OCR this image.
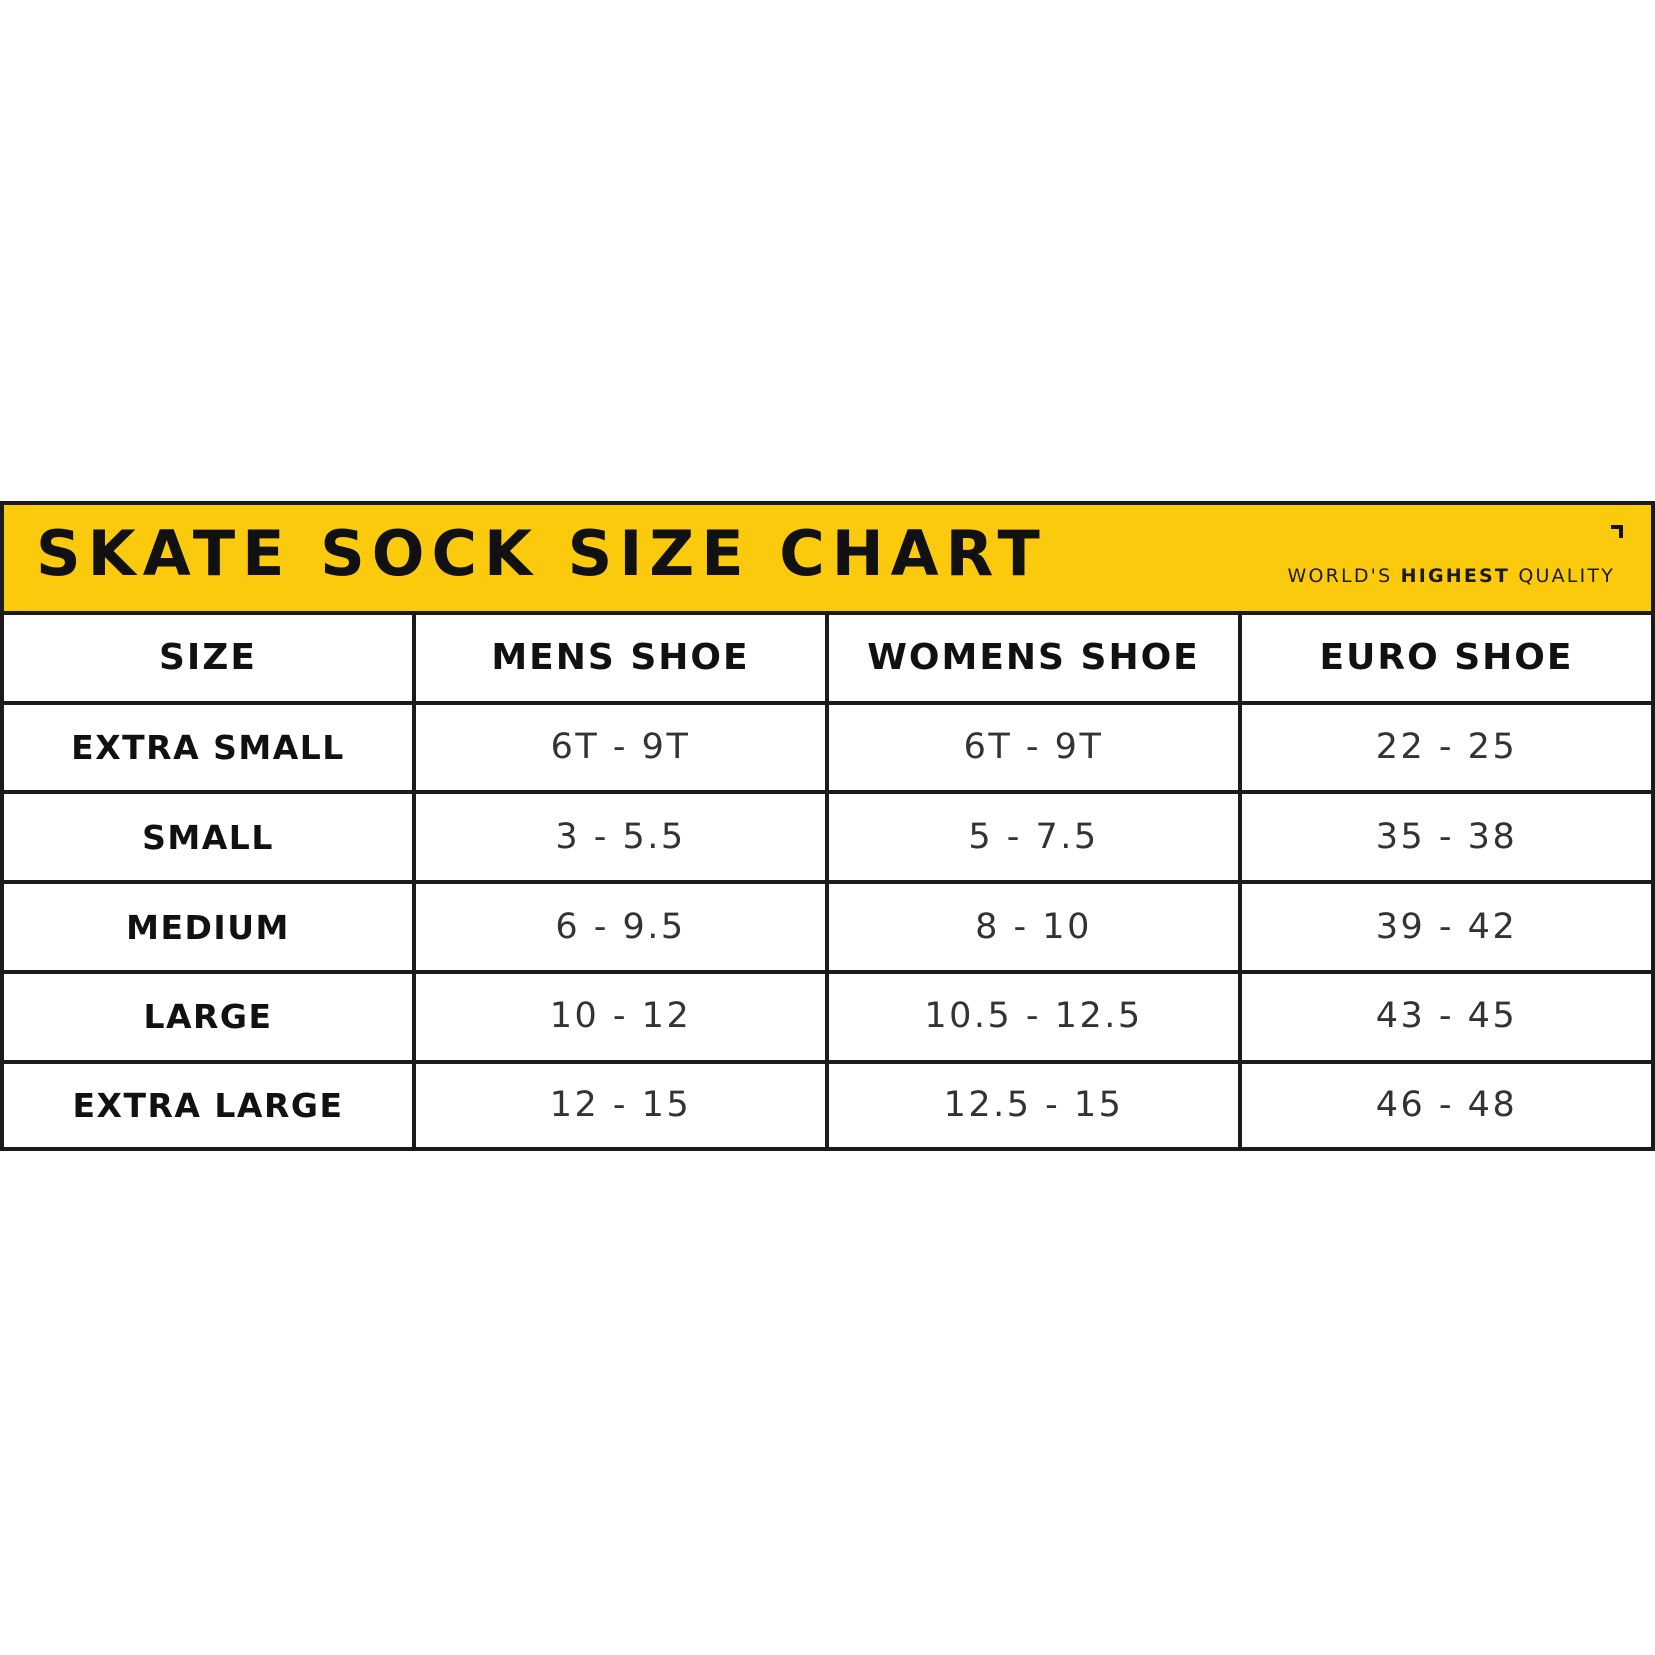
SKATE SOCK SIZE CHART	WORLD'S HIGHEST QUALITY
SIZE	MENS SHOE	WOMENS SHOE	EURO SHOE
EXTRA SMALL	6T - 9T	6T - 9T	22 - 25
SMALL	3 - 5.5	5 - 7.5	35 - 38
MEDIUM	6 - 9.5	8 - 10	39 - 42
LARGE	10 - 12	10.5 - 12.5	43 - 45
EXTRA LARGE	12 - 15	12.5 - 15	46 - 48
